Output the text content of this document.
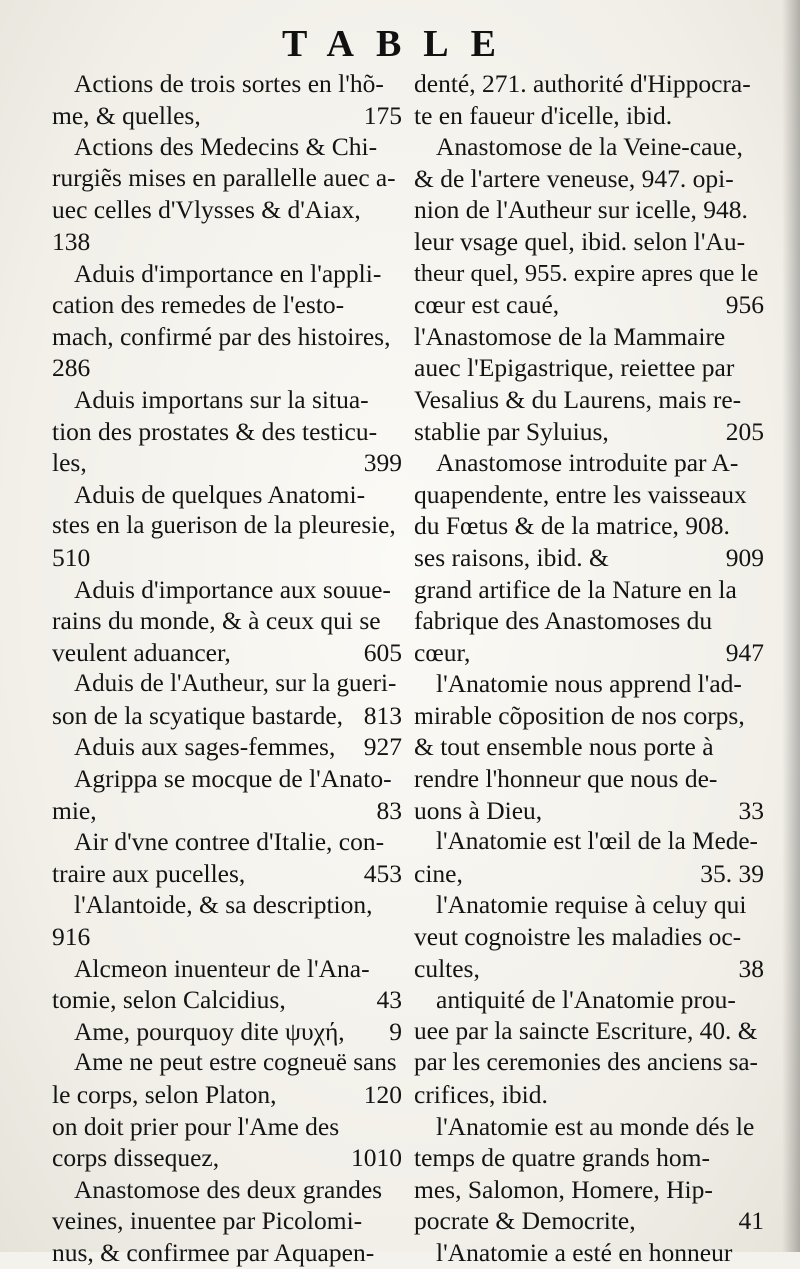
TABLE
Actions de trois sortes en l'hõ-
me, & quelles,	175
Actions des Medecins & Chi-
rurgiẽs mises en parallelle auec a-
uec celles d'Vlysses & d'Aiax,
138
Aduis d'importance en l'appli-
cation des remedes de l'esto-
mach, confirmé par des histoires,
286
Aduis importans sur la situa-
tion des prostates & des testicu-
les,	399
Aduis de quelques Anatomi-
stes en la guerison de la pleuresie,
510
Aduis d'importance aux souue-
rains du monde, & à ceux qui se
veulent aduancer,	605
Aduis de l'Autheur, sur la gueri-
son de la scyatique bastarde, 813
Aduis aux sages-femmes, 927
Agrippa se mocque de l'Anato-
mie,	83
Air d'vne contree d'Italie, con-
traire aux pucelles,	453
l'Alantoide, & sa description,
916
Alcmeon inuenteur de l'Ana-
tomie, selon Calcidius,	43
Ame, pourquoy dite ψυχή, 9
Ame ne peut estre cogneuë sans
le corps, selon Platon,	120
on doit prier pour l'Ame des
corps dissequez,	1010
Anastomose des deux grandes
veines, inuentee par Picolomi-
nus, & confirmee par Aquapen-
denté, 271. authorité d'Hippocra-
te en faueur d'icelle, ibid.
Anastomose de la Veine-caue,
& de l'artere veneuse, 947. opi-
nion de l'Autheur sur icelle, 948.
leur vsage quel, ibid. selon l'Au-
theur quel, 955. expire apres que le
cœur est caué,	956
l'Anastomose de la Mammaire
auec l'Epigastrique, reiettee par
Vesalius & du Laurens, mais re-
stablie par Syluius,	205
Anastomose introduite par A-
quapendente, entre les vaisseaux
du Fœtus & de la matrice, 908.
ses raisons, ibid. &	909
grand artifice de la Nature en la
fabrique des Anastomoses du
cœur,	947
l'Anatomie nous apprend l'ad-
mirable cõposition de nos corps,
& tout ensemble nous porte à
rendre l'honneur que nous de-
uons à Dieu,	33
l'Anatomie est l'œil de la Mede-
cine,	35. 39
l'Anatomie requise à celuy qui
veut cognoistre les maladies oc-
cultes,	38
antiquité de l'Anatomie prou-
uee par la saincte Escriture, 40. &
par les ceremonies des anciens sa-
crifices, ibid.
l'Anatomie est au monde dés le
temps de quatre grands hom-
mes, Salomon, Homere, Hip-
pocrate & Democrite,	41
l'Anatomie a esté en honneur
